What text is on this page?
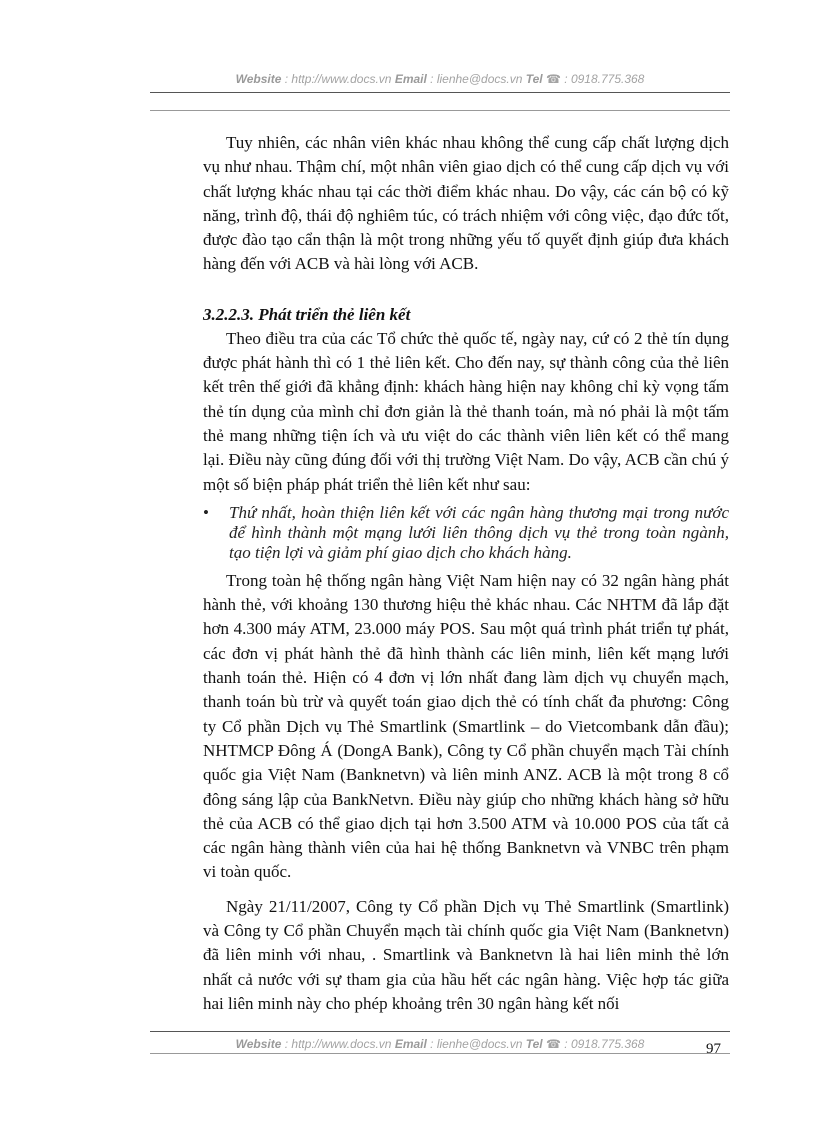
Website : http://www.docs.vn Email : lienhe@docs.vn Tel ☎ : 0918.775.368

Tuy nhiên, các nhân viên khác nhau không thể cung cấp chất lượng dịch vụ như nhau. Thậm chí, một nhân viên giao dịch có thể cung cấp dịch vụ với chất lượng khác nhau tại các thời điểm khác nhau. Do vậy, các cán bộ có kỹ năng, trình độ, thái độ nghiêm túc, có trách nhiệm với công việc, đạo đức tốt, được đào tạo cẩn thận là một trong những yếu tố quyết định giúp đưa khách hàng đến với ACB và hài lòng với ACB.

3.2.2.3. Phát triển thẻ liên kết

Theo điều tra của các Tổ chức thẻ quốc tế, ngày nay, cứ có 2 thẻ tín dụng được phát hành thì có 1 thẻ liên kết. Cho đến nay, sự thành công của thẻ liên kết trên thế giới đã khẳng định: khách hàng hiện nay không chỉ kỳ vọng tấm thẻ tín dụng của mình chỉ đơn giản là thẻ thanh toán, mà nó phải là một tấm thẻ mang những tiện ích và ưu việt do các thành viên liên kết có thể mang lại. Điều này cũng đúng đối với thị trường Việt Nam. Do vậy, ACB cần chú ý một số biện pháp phát triển thẻ liên kết như sau:

•	Thứ nhất, hoàn thiện liên kết với các ngân hàng thương mại trong nước để hình thành một mạng lưới liên thông dịch vụ thẻ trong toàn ngành, tạo tiện lợi và giảm phí giao dịch cho khách hàng.

Trong toàn hệ thống ngân hàng Việt Nam hiện nay có 32 ngân hàng phát hành thẻ, với khoảng 130 thương hiệu thẻ khác nhau. Các NHTM đã lắp đặt hơn 4.300 máy ATM, 23.000 máy POS. Sau một quá trình phát triển tự phát, các đơn vị phát hành thẻ đã hình thành các liên minh, liên kết mạng lưới thanh toán thẻ. Hiện có 4 đơn vị lớn nhất đang làm dịch vụ chuyển mạch, thanh toán bù trừ và quyết toán giao dịch thẻ có tính chất đa phương: Công ty Cổ phần Dịch vụ Thẻ Smartlink (Smartlink – do Vietcombank dẫn đầu); NHTMCP Đông Á (DongA Bank), Công ty Cổ phần chuyển mạch Tài chính quốc gia Việt Nam (Banknetvn) và liên minh ANZ. ACB là một trong 8 cổ đông sáng lập của BankNetvn. Điều này giúp cho những khách hàng sở hữu thẻ của ACB có thể giao dịch tại hơn 3.500 ATM và 10.000 POS của tất cả các ngân hàng thành viên của hai hệ thống Banknetvn và VNBC trên phạm vi toàn quốc.

Ngày 21/11/2007, Công ty Cổ phần Dịch vụ Thẻ Smartlink (Smartlink) và Công ty Cổ phần Chuyển mạch tài chính quốc gia Việt Nam (Banknetvn) đã liên minh với nhau, . Smartlink và Banknetvn là hai liên minh thẻ lớn nhất cả nước với sự tham gia của hầu hết các ngân hàng. Việc hợp tác giữa hai liên minh này cho phép khoảng trên 30 ngân hàng kết nối

Website : http://www.docs.vn Email : lienhe@docs.vn Tel ☎ : 0918.775.368	97
